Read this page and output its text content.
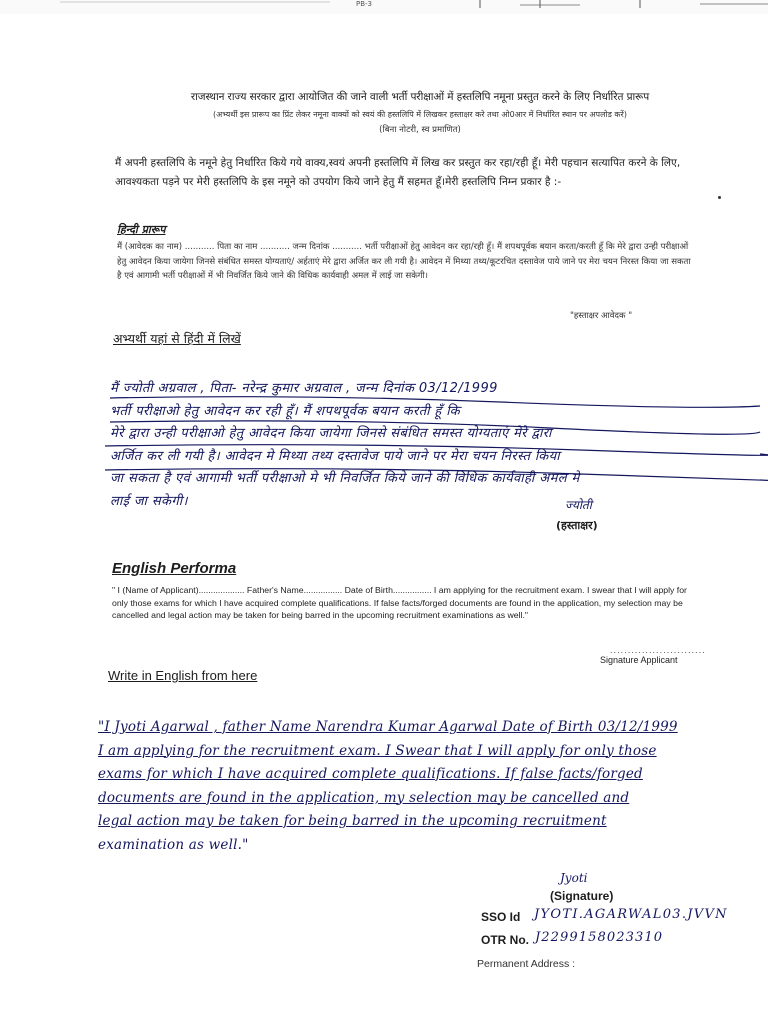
PB-3
राजस्थान राज्य सरकार द्वारा आयोजित की जाने वाली भर्ती परीक्षाओं में हस्तलिपि नमूना प्रस्तुत करने के लिए निर्धारित प्रारूप
(अभ्यर्थी इस प्रारूप का प्रिंट लेकर नमूना वाक्यों को स्वयं की हस्तलिपि में लिखकर हस्ताक्षर करे तथा ओ0आर में निर्धारित स्थान पर अपलोड करें)
(बिना नोटरी, स्व प्रमाणित)
मैं अपनी हस्तलिपि के नमूने हेतु निर्धारित किये गये वाक्य,स्वयं अपनी हस्तलिपि में लिख कर प्रस्तुत कर रहा/रही हूँ। मेरी पहचान सत्यापित करने के लिए, आवश्यकता पड़ने पर मेरी हस्तलिपि के इस नमूने को उपयोग किये जाने हेतु मैं सहमत हूँ।मेरी हस्तलिपि निम्न प्रकार है :-
हिन्दी प्रारूप
मैं (आवेदक का नाम) ........... पिता का नाम ........... जन्म दिनांक ........... भर्ती परीक्षाओं हेतु आवेदन कर रहा/रही हूँ। मैं शपथपूर्वक बयान करता/करती हूँ कि मेरे द्वारा उन्ही परीक्षाओं हेतु आवेदन किया जायेगा जिनसे संबंधित समस्त योग्यताएं/ अर्हताएं मेरे द्वारा अर्जित कर ली गयी है। आवेदन में मिथ्या तथ्य/कूटरचित दस्तावेज पाये जाने पर मेरा चयन निरस्त किया जा सकता है एवं आगामी भर्ती परीक्षाओं में भी निवर्जित किये जाने की विधिक कार्यवाही अमल में लाई जा सकेगी।
"हस्ताक्षर आवेदक "
अभ्यर्थी यहां से हिंदी में लिखें
मैं ज्योती अग्रवाल , पिता- नरेन्द्र कुमार अग्रवाल , जन्म दिनांक 03/12/1999
भर्ती परीक्षाओ हेतु आवेदन कर रही हूँ। मैं शपथपूर्वक बयान करती हूँ कि
मेरे द्वारा उन्ही परीक्षाओ हेतु आवेदन किया जायेगा जिनसे संबंधित समस्त योग्यताएं मेरे द्वारा
अर्जित कर ली गयी है। आवेदन मे मिथ्या तथ्य दस्तावेज पाये जाने पर मेरा चयन निरस्त किया
जा सकता है एवं आगामी भर्ती परीक्षाओ मे भी निवर्जित किये जाने की विधिक कार्यवाही अमल मे
लाई जा सकेगी।	ज्योती
(हस्ताक्षर)
English Performa
" I (Name of Applicant)................... Father's Name................ Date of Birth................ I am applying for the recruitment exam. I swear that I will apply for only those exams for which I have acquired complete qualifications. If false facts/forged documents are found in the application, my selection may be cancelled and legal action may be taken for being barred in the upcoming recruitment examinations as well."
...........................
Signature Applicant
Write in English from here
"I Jyoti Agarwal , father Name Narendra Kumar Agarwal Date of Birth 03/12/1999
I am applying for the recruitment exam. I Swear that I will apply for only those
exams for which I have acquired complete qualifications. If false facts/forged
documents are found in the application, my selection may be cancelled and
legal action may be taken for being barred in the upcoming recruitment
examination as well."
Jyoti
(Signature)
SSO Id JYOTI.AGARWAL03.JVVN
OTR No. J2299158023310
Permanent Address :
